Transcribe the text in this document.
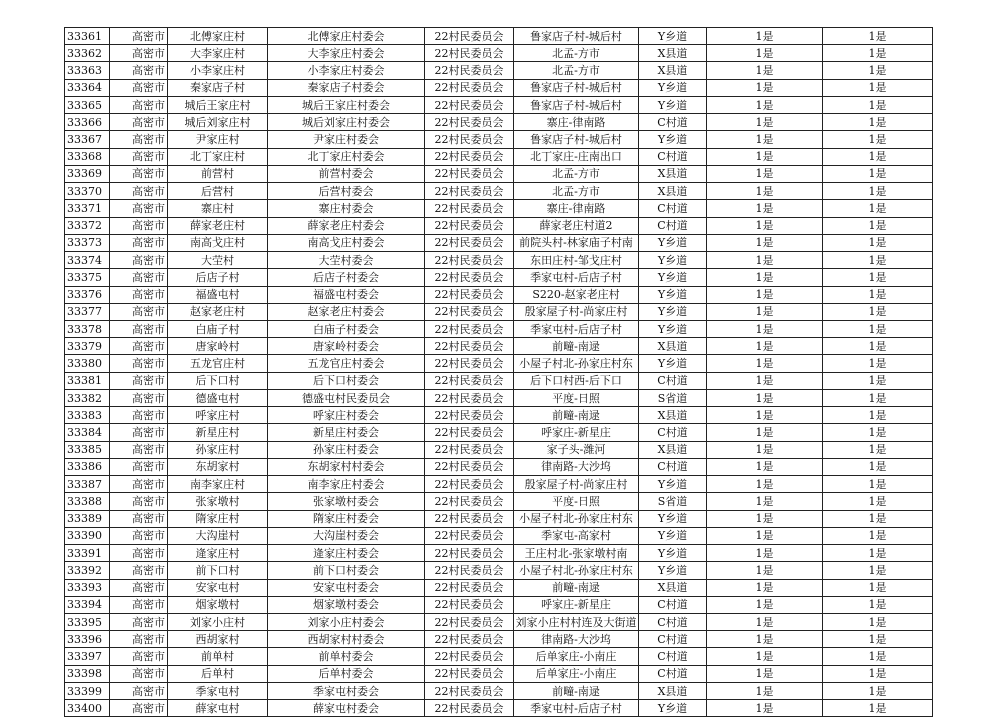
33361	高密市	北傅家庄村	北傅家庄村委会	22村民委员会	鲁家店子村-城后村	Y乡道	1是	1是
33362	高密市	大李家庄村	大李家庄村委会	22村民委员会	北孟-方市	X县道	1是	1是
33363	高密市	小李家庄村	小李家庄村委会	22村民委员会	北孟-方市	X县道	1是	1是
33364	高密市	秦家店子村	秦家店子村委会	22村民委员会	鲁家店子村-城后村	Y乡道	1是	1是
33365	高密市	城后王家庄村	城后王家庄村委会	22村民委员会	鲁家店子村-城后村	Y乡道	1是	1是
33366	高密市	城后刘家庄村	城后刘家庄村委会	22村民委员会	寨庄-律南路	C村道	1是	1是
33367	高密市	尹家庄村	尹家庄村委会	22村民委员会	鲁家店子村-城后村	Y乡道	1是	1是
33368	高密市	北丁家庄村	北丁家庄村委会	22村民委员会	北丁家庄-庄南出口	C村道	1是	1是
33369	高密市	前营村	前营村委会	22村民委员会	北孟-方市	X县道	1是	1是
33370	高密市	后营村	后营村委会	22村民委员会	北孟-方市	X县道	1是	1是
33371	高密市	寨庄村	寨庄村委会	22村民委员会	寨庄-律南路	C村道	1是	1是
33372	高密市	薛家老庄村	薛家老庄村委会	22村民委员会	薛家老庄村道2	C村道	1是	1是
33373	高密市	南高戈庄村	南高戈庄村委会	22村民委员会	前院头村-林家庙子村南	Y乡道	1是	1是
33374	高密市	大茔村	大茔村委会	22村民委员会	东田庄村-邹戈庄村	Y乡道	1是	1是
33375	高密市	后店子村	后店子村委会	22村民委员会	季家屯村-后店子村	Y乡道	1是	1是
33376	高密市	福盛屯村	福盛屯村委会	22村民委员会	S220-赵家老庄村	Y乡道	1是	1是
33377	高密市	赵家老庄村	赵家老庄村委会	22村民委员会	殷家屋子村-尚家庄村	Y乡道	1是	1是
33378	高密市	白庙子村	白庙子村委会	22村民委员会	季家屯村-后店子村	Y乡道	1是	1是
33379	高密市	唐家岭村	唐家岭村委会	22村民委员会	前疃-南逯	X县道	1是	1是
33380	高密市	五龙官庄村	五龙官庄村委会	22村民委员会	小屋子村北-孙家庄村东	Y乡道	1是	1是
33381	高密市	后下口村	后下口村委会	22村民委员会	后下口村西-后下口	C村道	1是	1是
33382	高密市	德盛屯村	德盛屯村民委员会	22村民委员会	平度-日照	S省道	1是	1是
33383	高密市	呼家庄村	呼家庄村委会	22村民委员会	前疃-南逯	X县道	1是	1是
33384	高密市	新星庄村	新星庄村委会	22村民委员会	呼家庄-新星庄	C村道	1是	1是
33385	高密市	孙家庄村	孙家庄村委会	22村民委员会	家子头-潍河	X县道	1是	1是
33386	高密市	东胡家村	东胡家村村委会	22村民委员会	律南路-大沙坞	C村道	1是	1是
33387	高密市	南李家庄村	南李家庄村委会	22村民委员会	殷家屋子村-尚家庄村	Y乡道	1是	1是
33388	高密市	张家墩村	张家墩村委会	22村民委员会	平度-日照	S省道	1是	1是
33389	高密市	隋家庄村	隋家庄村委会	22村民委员会	小屋子村北-孙家庄村东	Y乡道	1是	1是
33390	高密市	大沟崖村	大沟崖村委会	22村民委员会	季家屯-高家村	Y乡道	1是	1是
33391	高密市	逄家庄村	逄家庄村委会	22村民委员会	王庄村北-张家墩村南	Y乡道	1是	1是
33392	高密市	前下口村	前下口村委会	22村民委员会	小屋子村北-孙家庄村东	Y乡道	1是	1是
33393	高密市	安家屯村	安家屯村委会	22村民委员会	前疃-南逯	X县道	1是	1是
33394	高密市	烟家墩村	烟家墩村委会	22村民委员会	呼家庄-新星庄	C村道	1是	1是
33395	高密市	刘家小庄村	刘家小庄村委会	22村民委员会	刘家小庄村村连及大街道	C村道	1是	1是
33396	高密市	西胡家村	西胡家村村委会	22村民委员会	律南路-大沙坞	C村道	1是	1是
33397	高密市	前单村	前单村委会	22村民委员会	后单家庄-小南庄	C村道	1是	1是
33398	高密市	后单村	后单村委会	22村民委员会	后单家庄-小南庄	C村道	1是	1是
33399	高密市	季家屯村	季家屯村委会	22村民委员会	前疃-南逯	X县道	1是	1是
33400	高密市	薛家屯村	薛家屯村委会	22村民委员会	季家屯村-后店子村	Y乡道	1是	1是
